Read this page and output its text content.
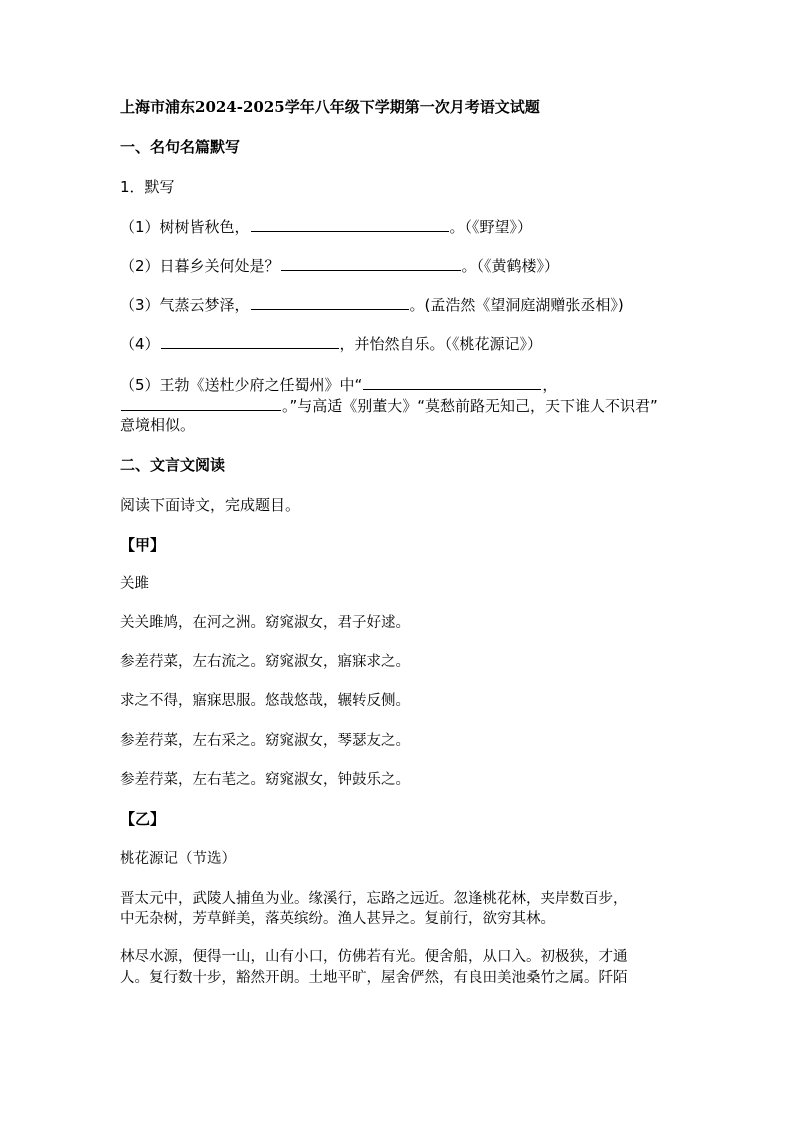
上海市浦东2024-2025学年八年级下学期第一次月考语文试题
一、名句名篇默写
1．默写
（1）树树皆秋色，	。（《野望》）
（2）日暮乡关何处是？	。（《黄鹤楼》）
（3）气蒸云梦泽，	。(孟浩然《望洞庭湖赠张丞相》)
（4）	，并怡然自乐。（《桃花源记》）
（5）王勃《送杜少府之任蜀州》中“	，
。”与高适《别董大》“莫愁前路无知己，天下谁人不识君”
意境相似。
二、文言文阅读
阅读下面诗文，完成题目。
【甲】
关雎
关关雎鸠，在河之洲。窈窕淑女，君子好逑。
参差荇菜，左右流之。窈窕淑女，寤寐求之。
求之不得，寤寐思服。悠哉悠哉，辗转反侧。
参差荇菜，左右采之。窈窕淑女，琴瑟友之。
参差荇菜，左右芼之。窈窕淑女，钟鼓乐之。
【乙】
桃花源记（节选）
晋太元中，武陵人捕鱼为业。缘溪行，忘路之远近。忽逢桃花林，夹岸数百步，
中无杂树，芳草鲜美，落英缤纷。渔人甚异之。复前行，欲穷其林。
林尽水源，便得一山，山有小口，仿佛若有光。便舍船，从口入。初极狭，才通
人。复行数十步，豁然开朗。土地平旷，屋舍俨然，有良田美池桑竹之属。阡陌
